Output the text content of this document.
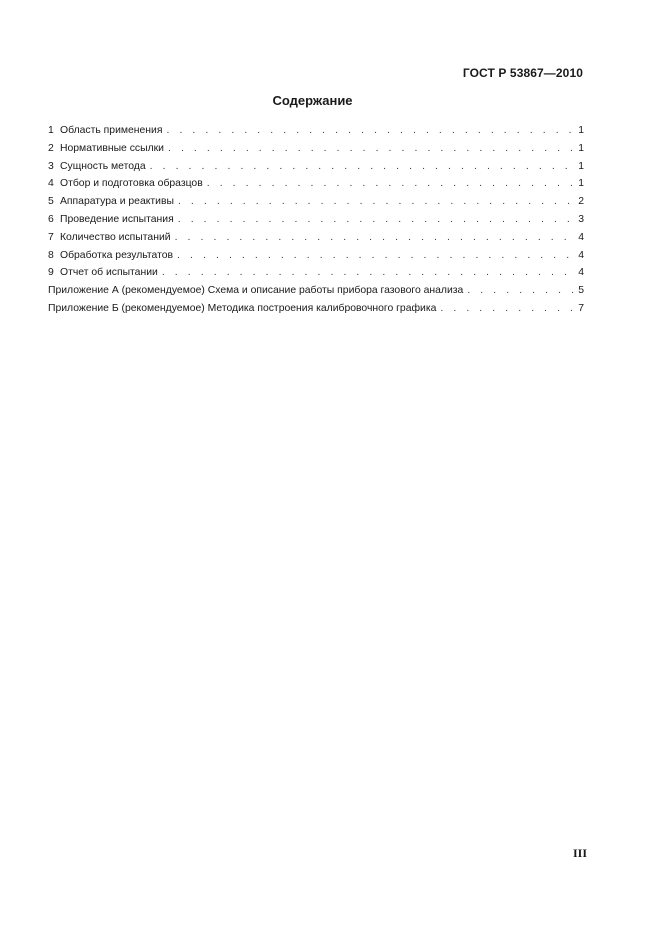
ГОСТ Р 53867—2010
Содержание
1 Область применения . . .	1
2 Нормативные ссылки . . .	1
3 Сущность метода . . .	1
4 Отбор и подготовка образцов . . .	1
5 Аппаратура и реактивы . . .	2
6 Проведение испытания . . .	3
7 Количество испытаний . . .	4
8 Обработка результатов . . .	4
9 Отчет об испытании . . .	4
Приложение А (рекомендуемое) Схема и описание работы прибора газового анализа . . .	5
Приложение Б (рекомендуемое) Методика построения калибровочного графика . . .	7
III
